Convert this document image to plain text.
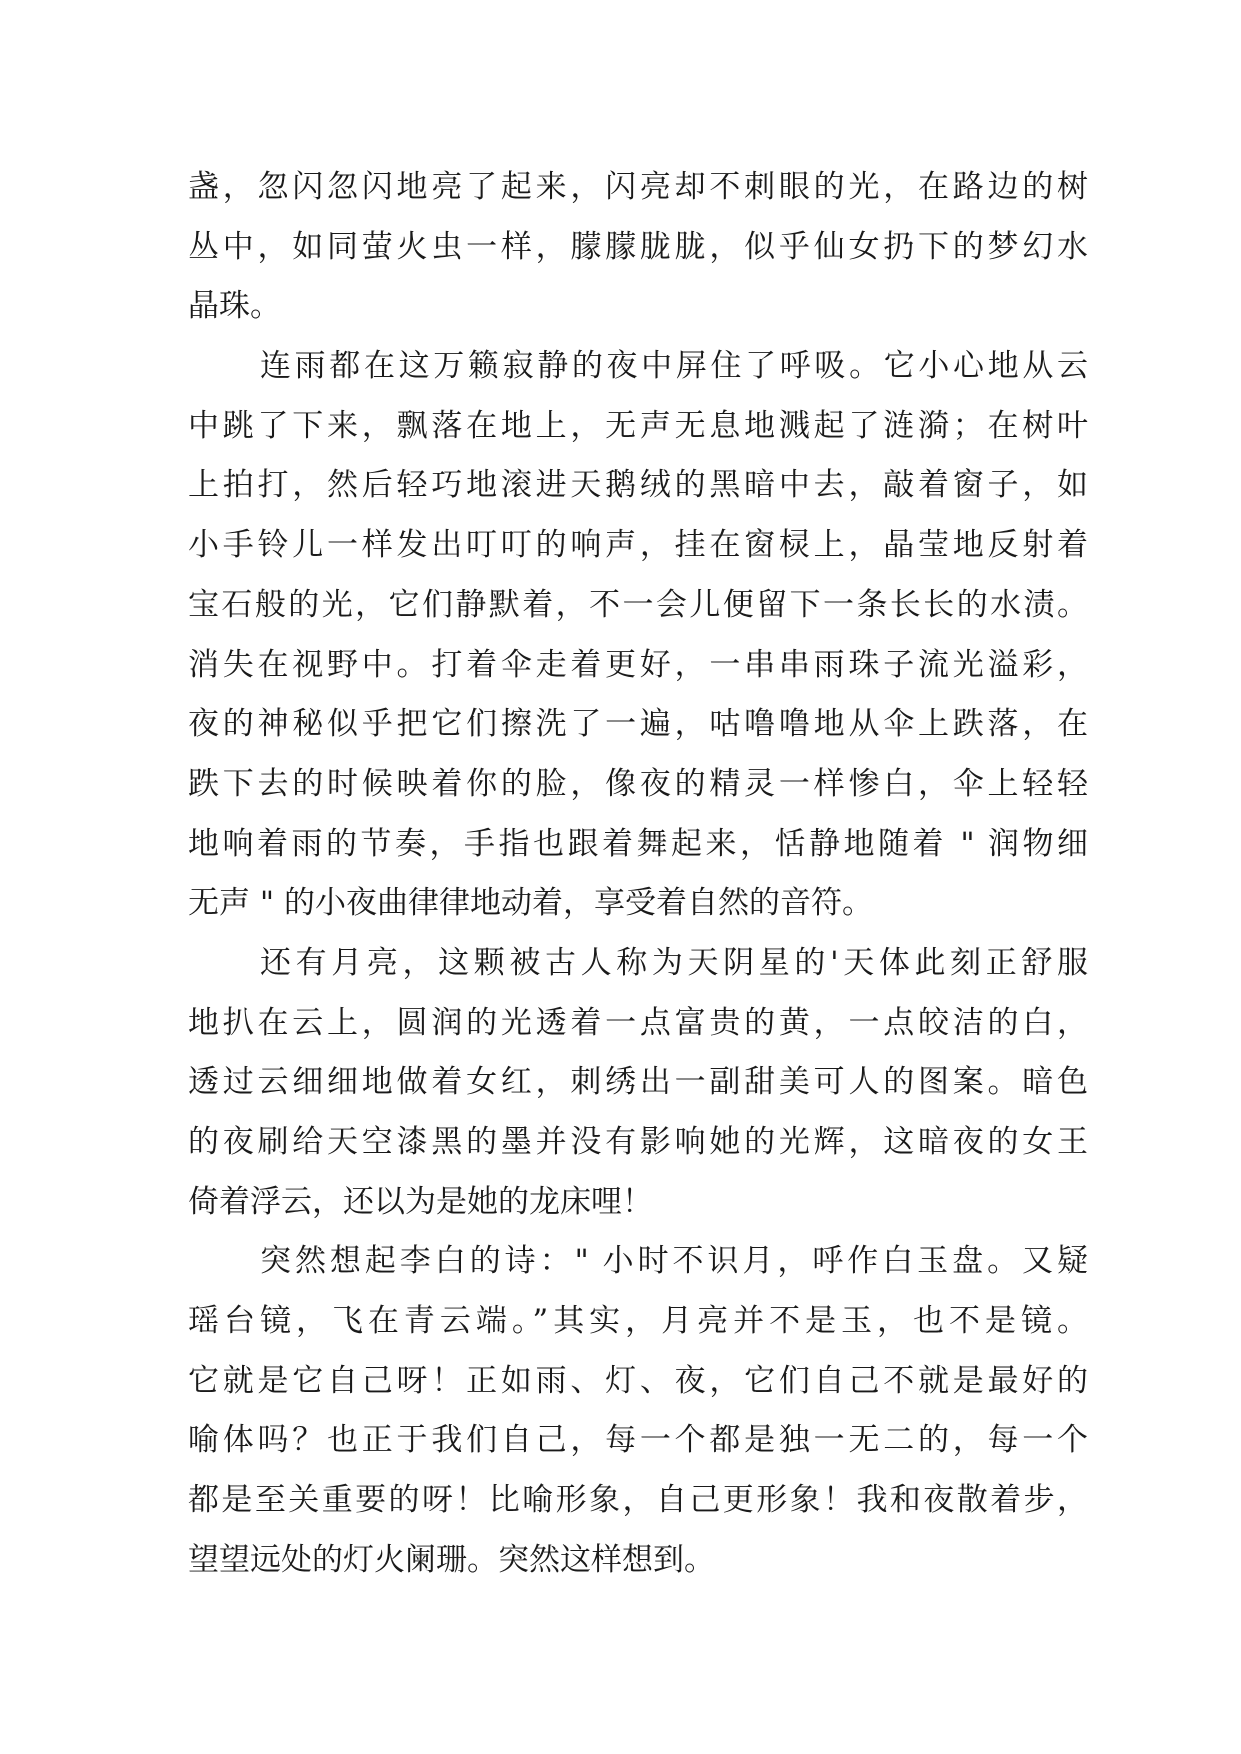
盏，忽闪忽闪地亮了起来，闪亮却不刺眼的光，在路边的树
丛中，如同萤火虫一样，朦朦胧胧，似乎仙女扔下的梦幻水
晶珠。
连雨都在这万籁寂静的夜中屏住了呼吸。它小心地从云
中跳了下来，飘落在地上，无声无息地溅起了涟漪；在树叶
上拍打，然后轻巧地滚进天鹅绒的黑暗中去，敲着窗子，如
小手铃儿一样发出叮叮的响声，挂在窗棂上，晶莹地反射着
宝石般的光，它们静默着，不一会儿便留下一条长长的水渍。
消失在视野中。打着伞走着更好，一串串雨珠子流光溢彩，
夜的神秘似乎把它们擦洗了一遍，咕噜噜地从伞上跌落，在
跌下去的时候映着你的脸，像夜的精灵一样惨白，伞上轻轻
地响着雨的节奏，手指也跟着舞起来，恬静地随着 " 润物细
无声 " 的小夜曲律律地动着，享受着自然的音符。
还有月亮，这颗被古人称为天阴星的'天体此刻正舒服
地扒在云上，圆润的光透着一点富贵的黄，一点皎洁的白，
透过云细细地做着女红，刺绣出一副甜美可人的图案。暗色
的夜刷给天空漆黑的墨并没有影响她的光辉，这暗夜的女王
倚着浮云，还以为是她的龙床哩！
突然想起李白的诗：" 小时不识月，呼作白玉盘。又疑
瑶台镜，飞在青云端。”其实，月亮并不是玉，也不是镜。
它就是它自己呀！正如雨、灯、夜，它们自己不就是最好的
喻体吗？也正于我们自己，每一个都是独一无二的，每一个
都是至关重要的呀！比喻形象，自己更形象！我和夜散着步，
望望远处的灯火阑珊。突然这样想到。
